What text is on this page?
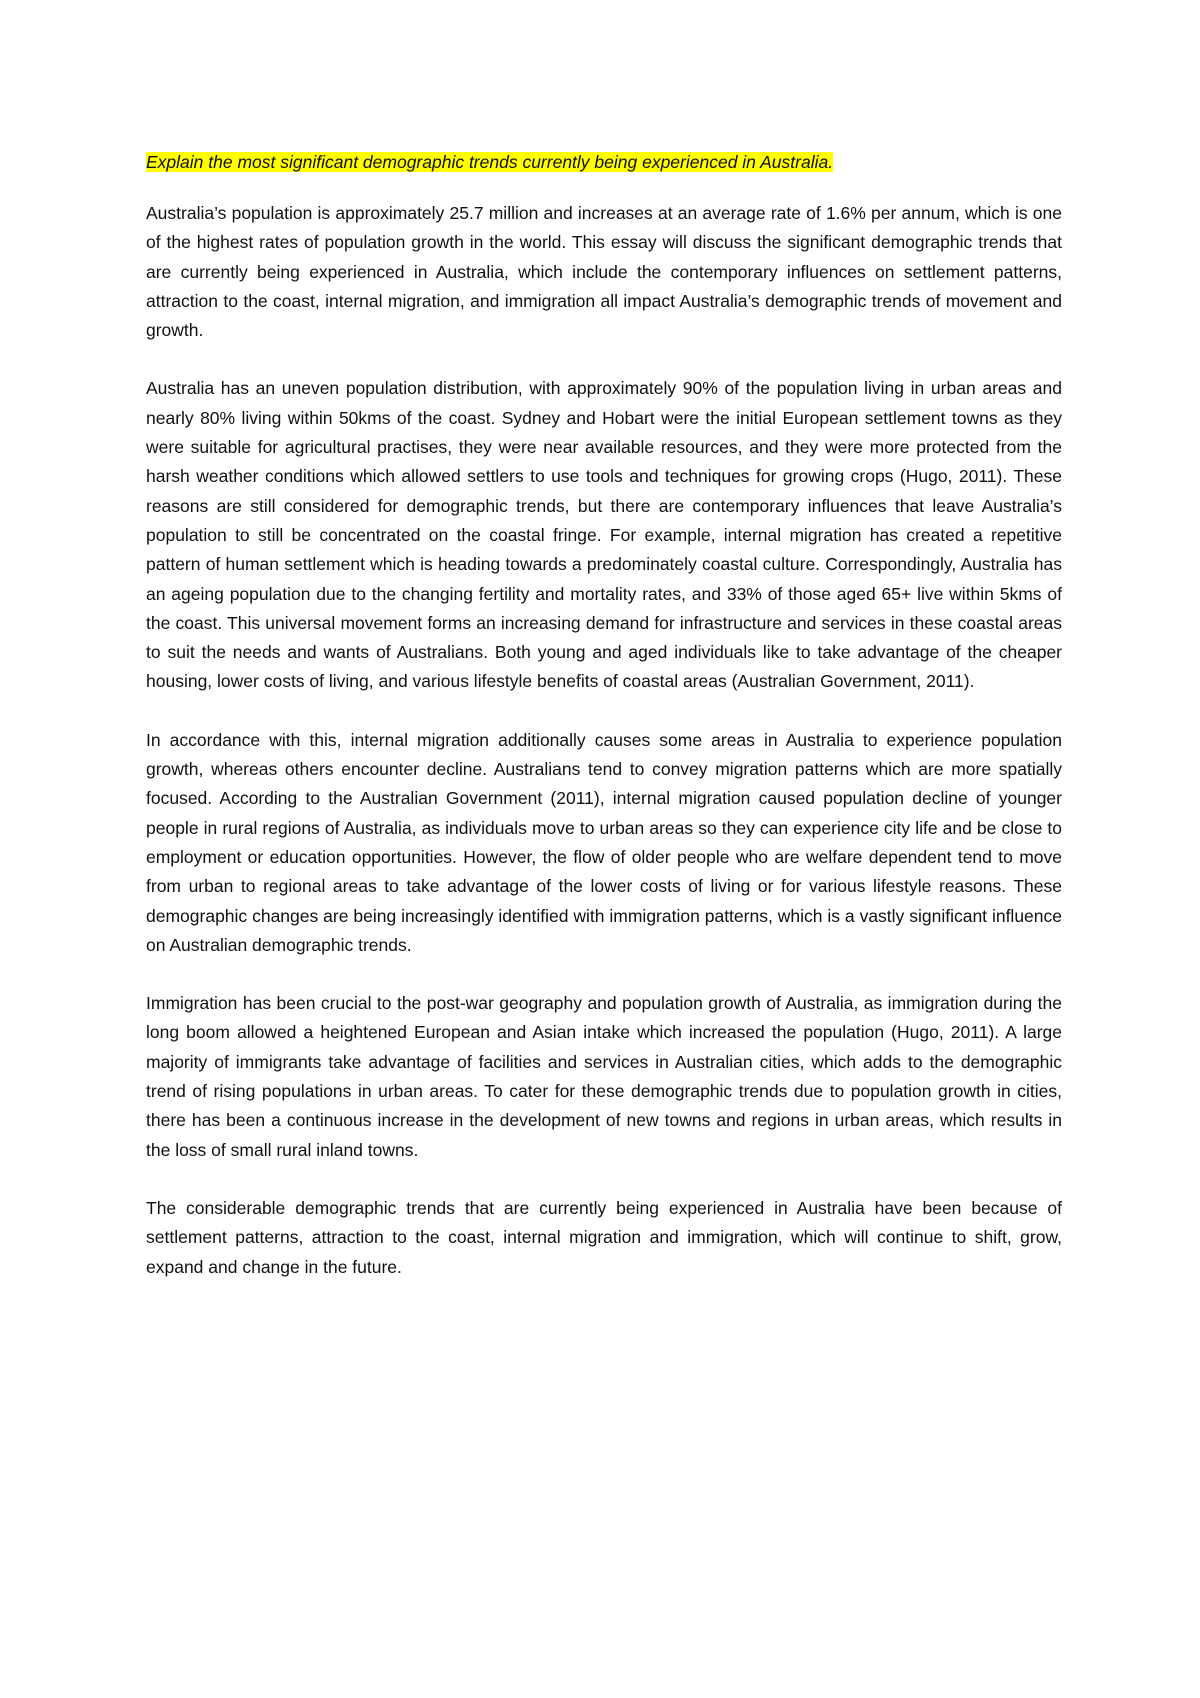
Explain the most significant demographic trends currently being experienced in Australia.

Australia’s population is approximately 25.7 million and increases at an average rate of 1.6% per annum, which is one of the highest rates of population growth in the world. This essay will discuss the significant demographic trends that are currently being experienced in Australia, which include the contemporary influences on settlement patterns, attraction to the coast, internal migration, and immigration all impact Australia’s demographic trends of movement and growth.

Australia has an uneven population distribution, with approximately 90% of the population living in urban areas and nearly 80% living within 50kms of the coast. Sydney and Hobart were the initial European settlement towns as they were suitable for agricultural practises, they were near available resources, and they were more protected from the harsh weather conditions which allowed settlers to use tools and techniques for growing crops (Hugo, 2011). These reasons are still considered for demographic trends, but there are contemporary influences that leave Australia’s population to still be concentrated on the coastal fringe. For example, internal migration has created a repetitive pattern of human settlement which is heading towards a predominately coastal culture. Correspondingly, Australia has an ageing population due to the changing fertility and mortality rates, and 33% of those aged 65+ live within 5kms of the coast. This universal movement forms an increasing demand for infrastructure and services in these coastal areas to suit the needs and wants of Australians. Both young and aged individuals like to take advantage of the cheaper housing, lower costs of living, and various lifestyle benefits of coastal areas (Australian Government, 2011).

In accordance with this, internal migration additionally causes some areas in Australia to experience population growth, whereas others encounter decline. Australians tend to convey migration patterns which are more spatially focused. According to the Australian Government (2011), internal migration caused population decline of younger people in rural regions of Australia, as individuals move to urban areas so they can experience city life and be close to employment or education opportunities. However, the flow of older people who are welfare dependent tend to move from urban to regional areas to take advantage of the lower costs of living or for various lifestyle reasons. These demographic changes are being increasingly identified with immigration patterns, which is a vastly significant influence on Australian demographic trends.

Immigration has been crucial to the post-war geography and population growth of Australia, as immigration during the long boom allowed a heightened European and Asian intake which increased the population (Hugo, 2011). A large majority of immigrants take advantage of facilities and services in Australian cities, which adds to the demographic trend of rising populations in urban areas. To cater for these demographic trends due to population growth in cities, there has been a continuous increase in the development of new towns and regions in urban areas, which results in the loss of small rural inland towns.

The considerable demographic trends that are currently being experienced in Australia have been because of settlement patterns, attraction to the coast, internal migration and immigration, which will continue to shift, grow, expand and change in the future.
